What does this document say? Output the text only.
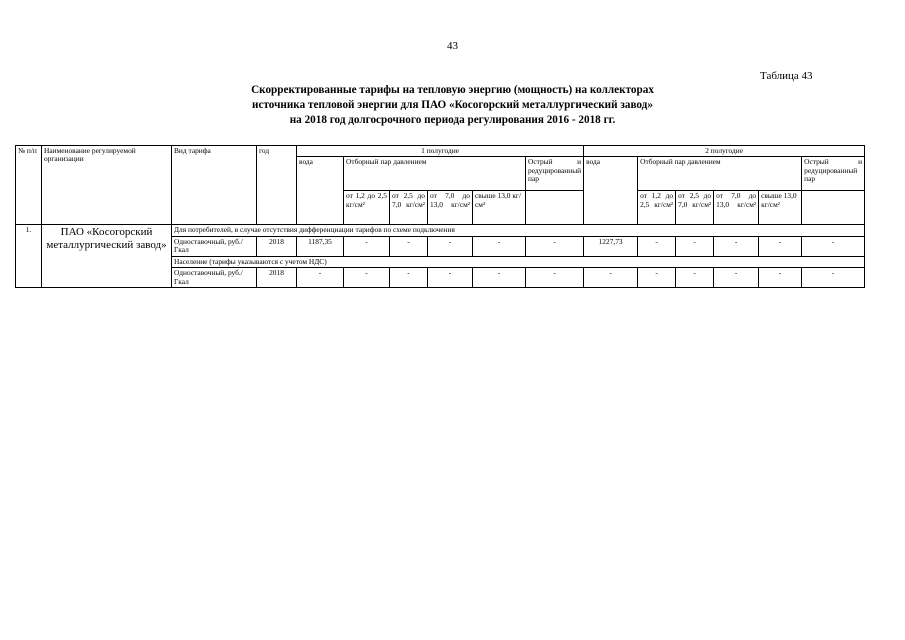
43
Таблица 43
Скорректированные тарифы на тепловую энергию (мощность) на коллекторах
источника тепловой энергии для ПАО «Косогорский металлургический завод»
на 2018 год долгосрочного периода регулирования 2016 - 2018 гг.
№ п/п	Наименование регулируемой организации	Вид тарифа	год	1 полугодие						2 полугодие					
				вода	Отборный пар давлением				Острый и редуцированный пар	вода	Отборный пар давлением				Острый и редуцированный пар
					от 1,2 до 2,5 кг/см²	от 2,5 до 7,0 кг/см²	от 7,0 до 13,0 кг/см²	свыше 13,0 кг/см²			от 1,2 до 2,5 кг/см²	от 2,5 до 7,0 кг/см²	от 7,0 до 13,0 кг/см²	свыше 13,0 кг/см²	
1.	ПАО «Косогорский металлургический завод»	Для потребителей, в случае отсутствия дифференциации тарифов по схеме подключения													
		Одноставочный, руб./Гкал	2018	1187,35	-	-	-	-	-	1227,73	-	-	-	-	-
		Население (тарифы указываются с учетом НДС)													
		Одноставочный, руб./Гкал	2018	-	-	-	-	-	-	-	-	-	-	-	-
